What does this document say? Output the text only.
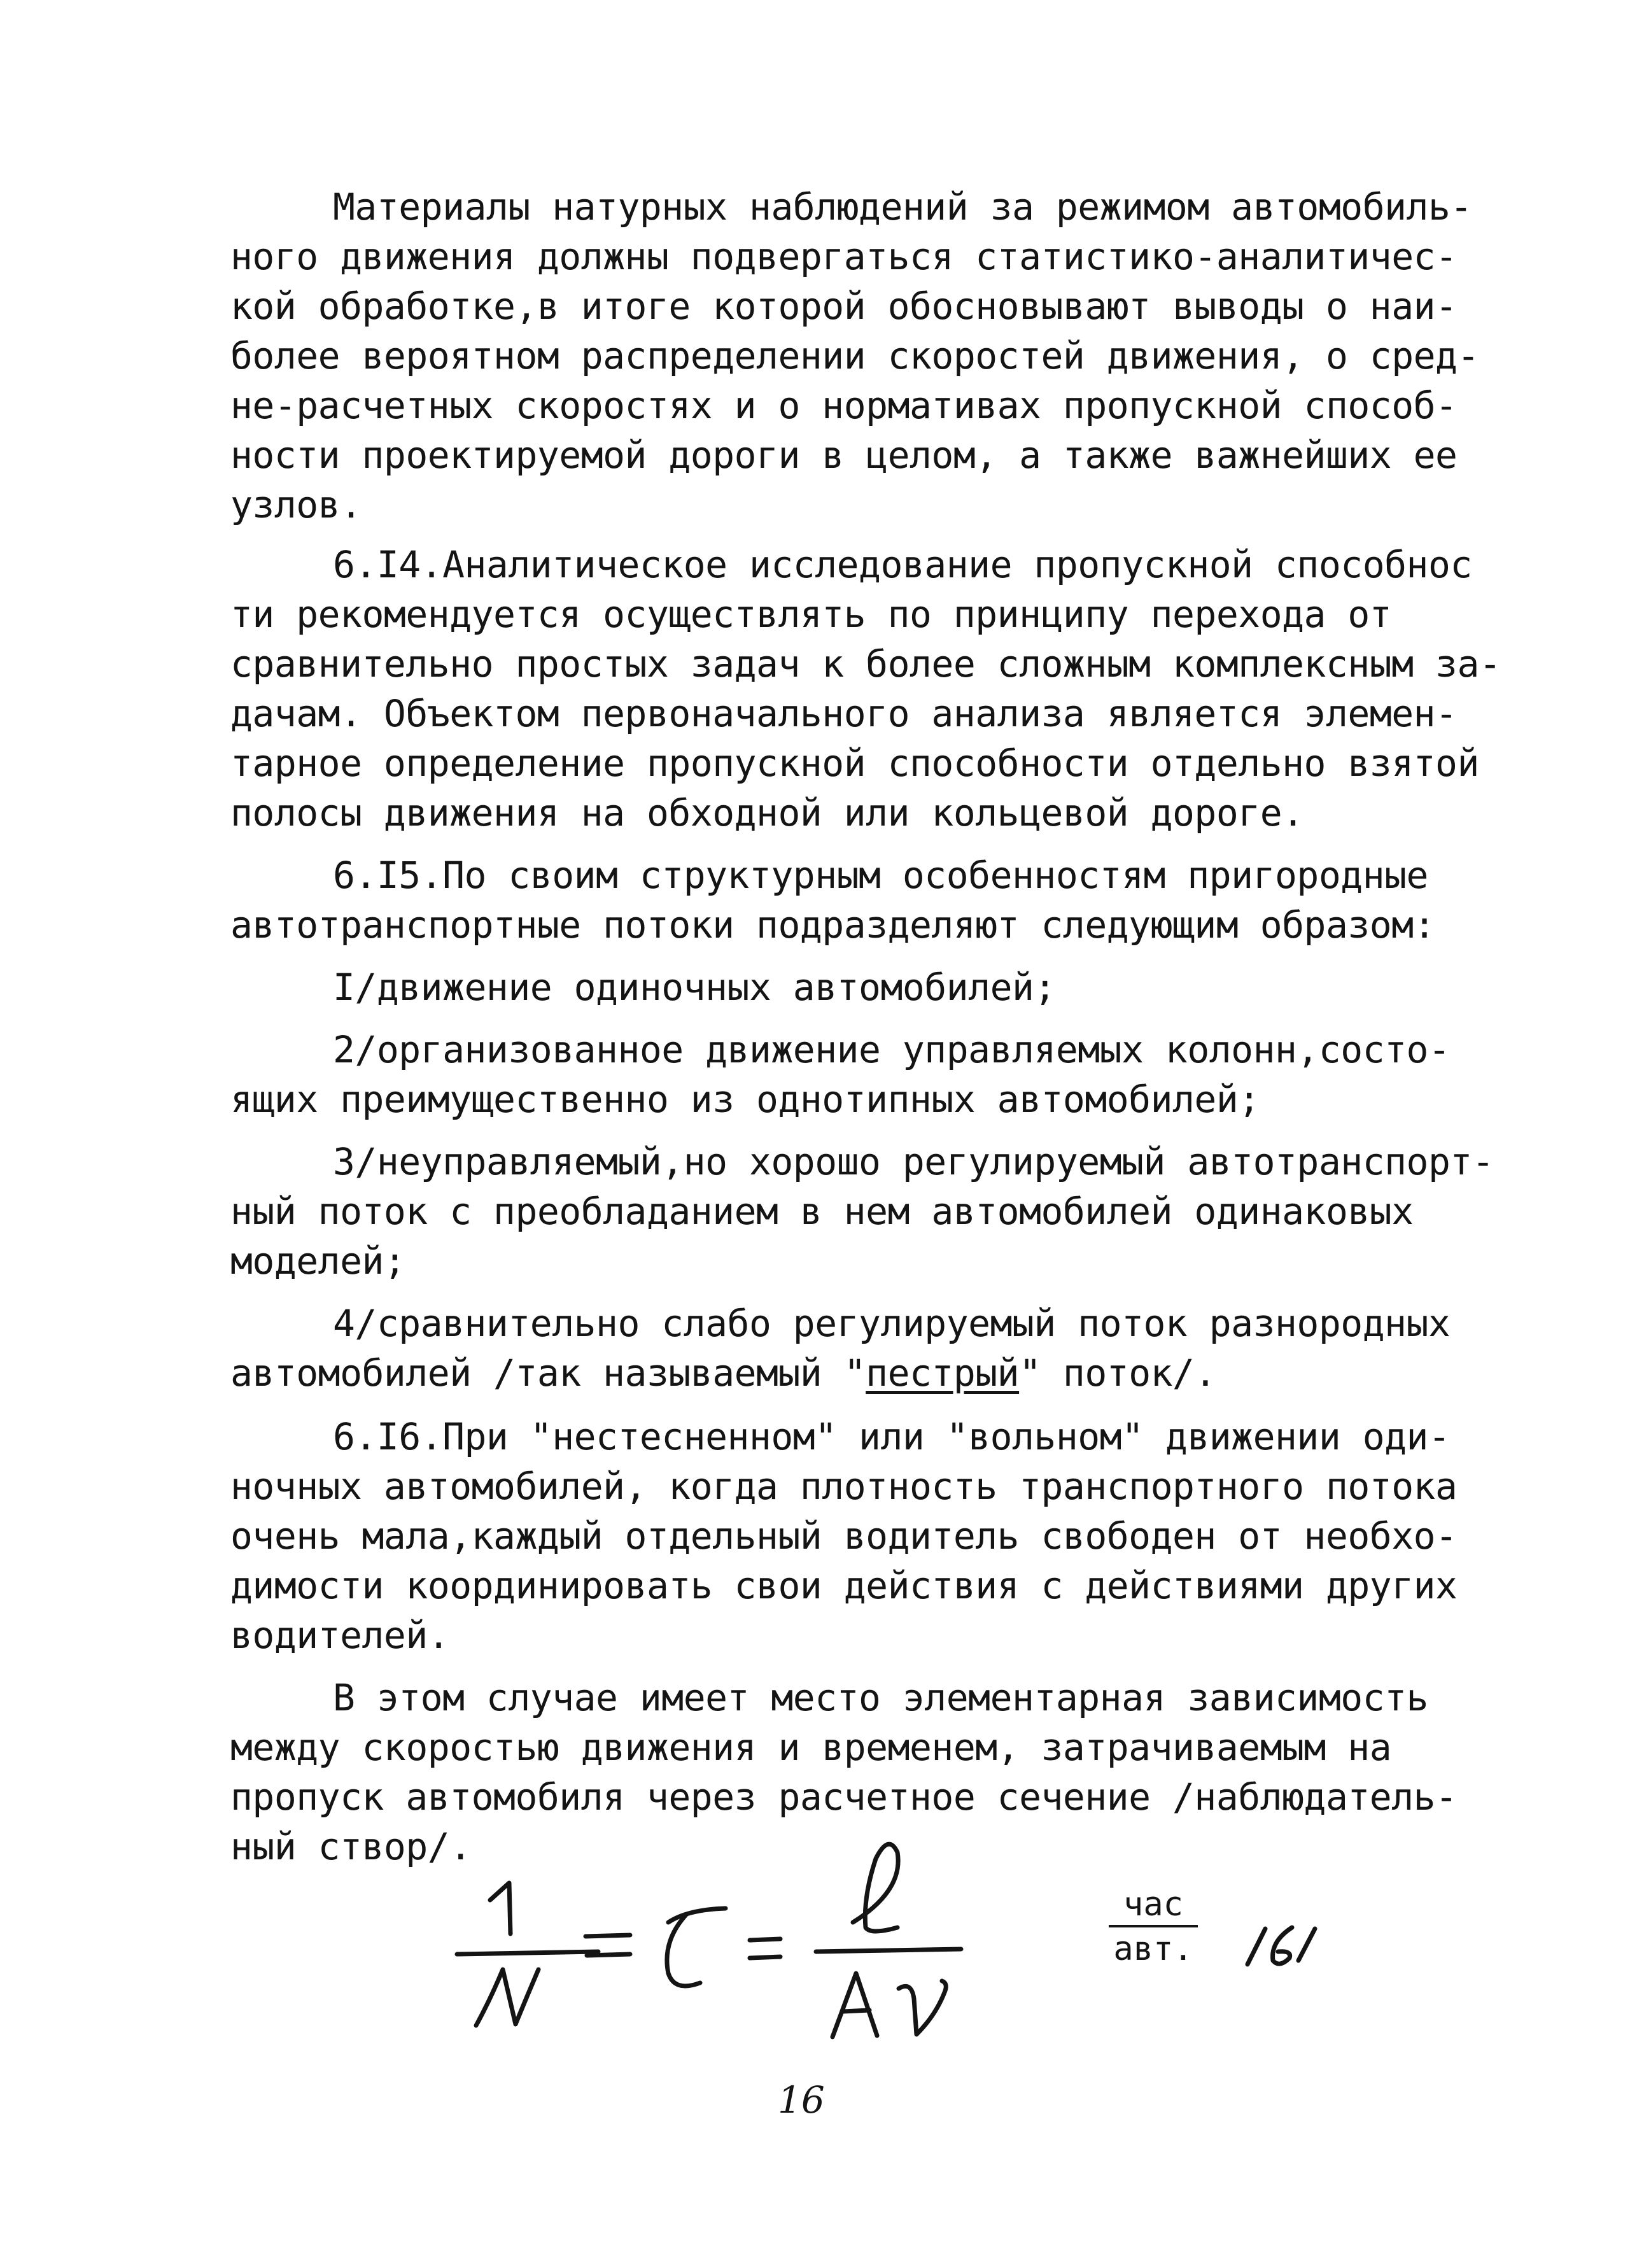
Материалы натурных наблюдений за режимом автомобиль-
ного движения должны подвергаться статистико-аналитичес-
кой обработке,в итоге которой обосновывают выводы о наи-
более вероятном распределении скоростей движения, о сред-
не-расчетных скоростях и о нормативах пропускной способ-
ности проектируемой дороги в целом, а также важнейших ее
узлов.
6.I4.Аналитическое исследование пропускной способнос
ти рекомендуется осуществлять по принципу перехода от
сравнительно простых задач к более сложным комплексным за-
дачам. Объектом первоначального анализа является элемен-
тарное определение пропускной способности отдельно взятой
полосы движения на обходной или кольцевой дороге.
6.I5.По своим структурным особенностям пригородные
автотранспортные потоки подразделяют следующим образом:
I/движение одиночных автомобилей;
2/организованное движение управляемых колонн,состо-
ящих преимущественно из однотипных автомобилей;
3/неуправляемый,но хорошо регулируемый автотранспорт-
ный поток с преобладанием в нем автомобилей одинаковых
моделей;
4/сравнительно слабо регулируемый поток разнородных
автомобилей /так называемый "пестрый" поток/.
6.I6.При "нестесненном" или "вольном" движении оди-
ночных автомобилей, когда плотность транспортного потока
очень мала,каждый отдельный водитель свободен от необхо-
димости координировать свои действия с действиями других
водителей.
В этом случае имеет место элементарная зависимость
между скоростью движения и временем, затрачиваемым на
пропуск автомобиля через расчетное сечение /наблюдатель-
ный створ/.
час
авт.
16
